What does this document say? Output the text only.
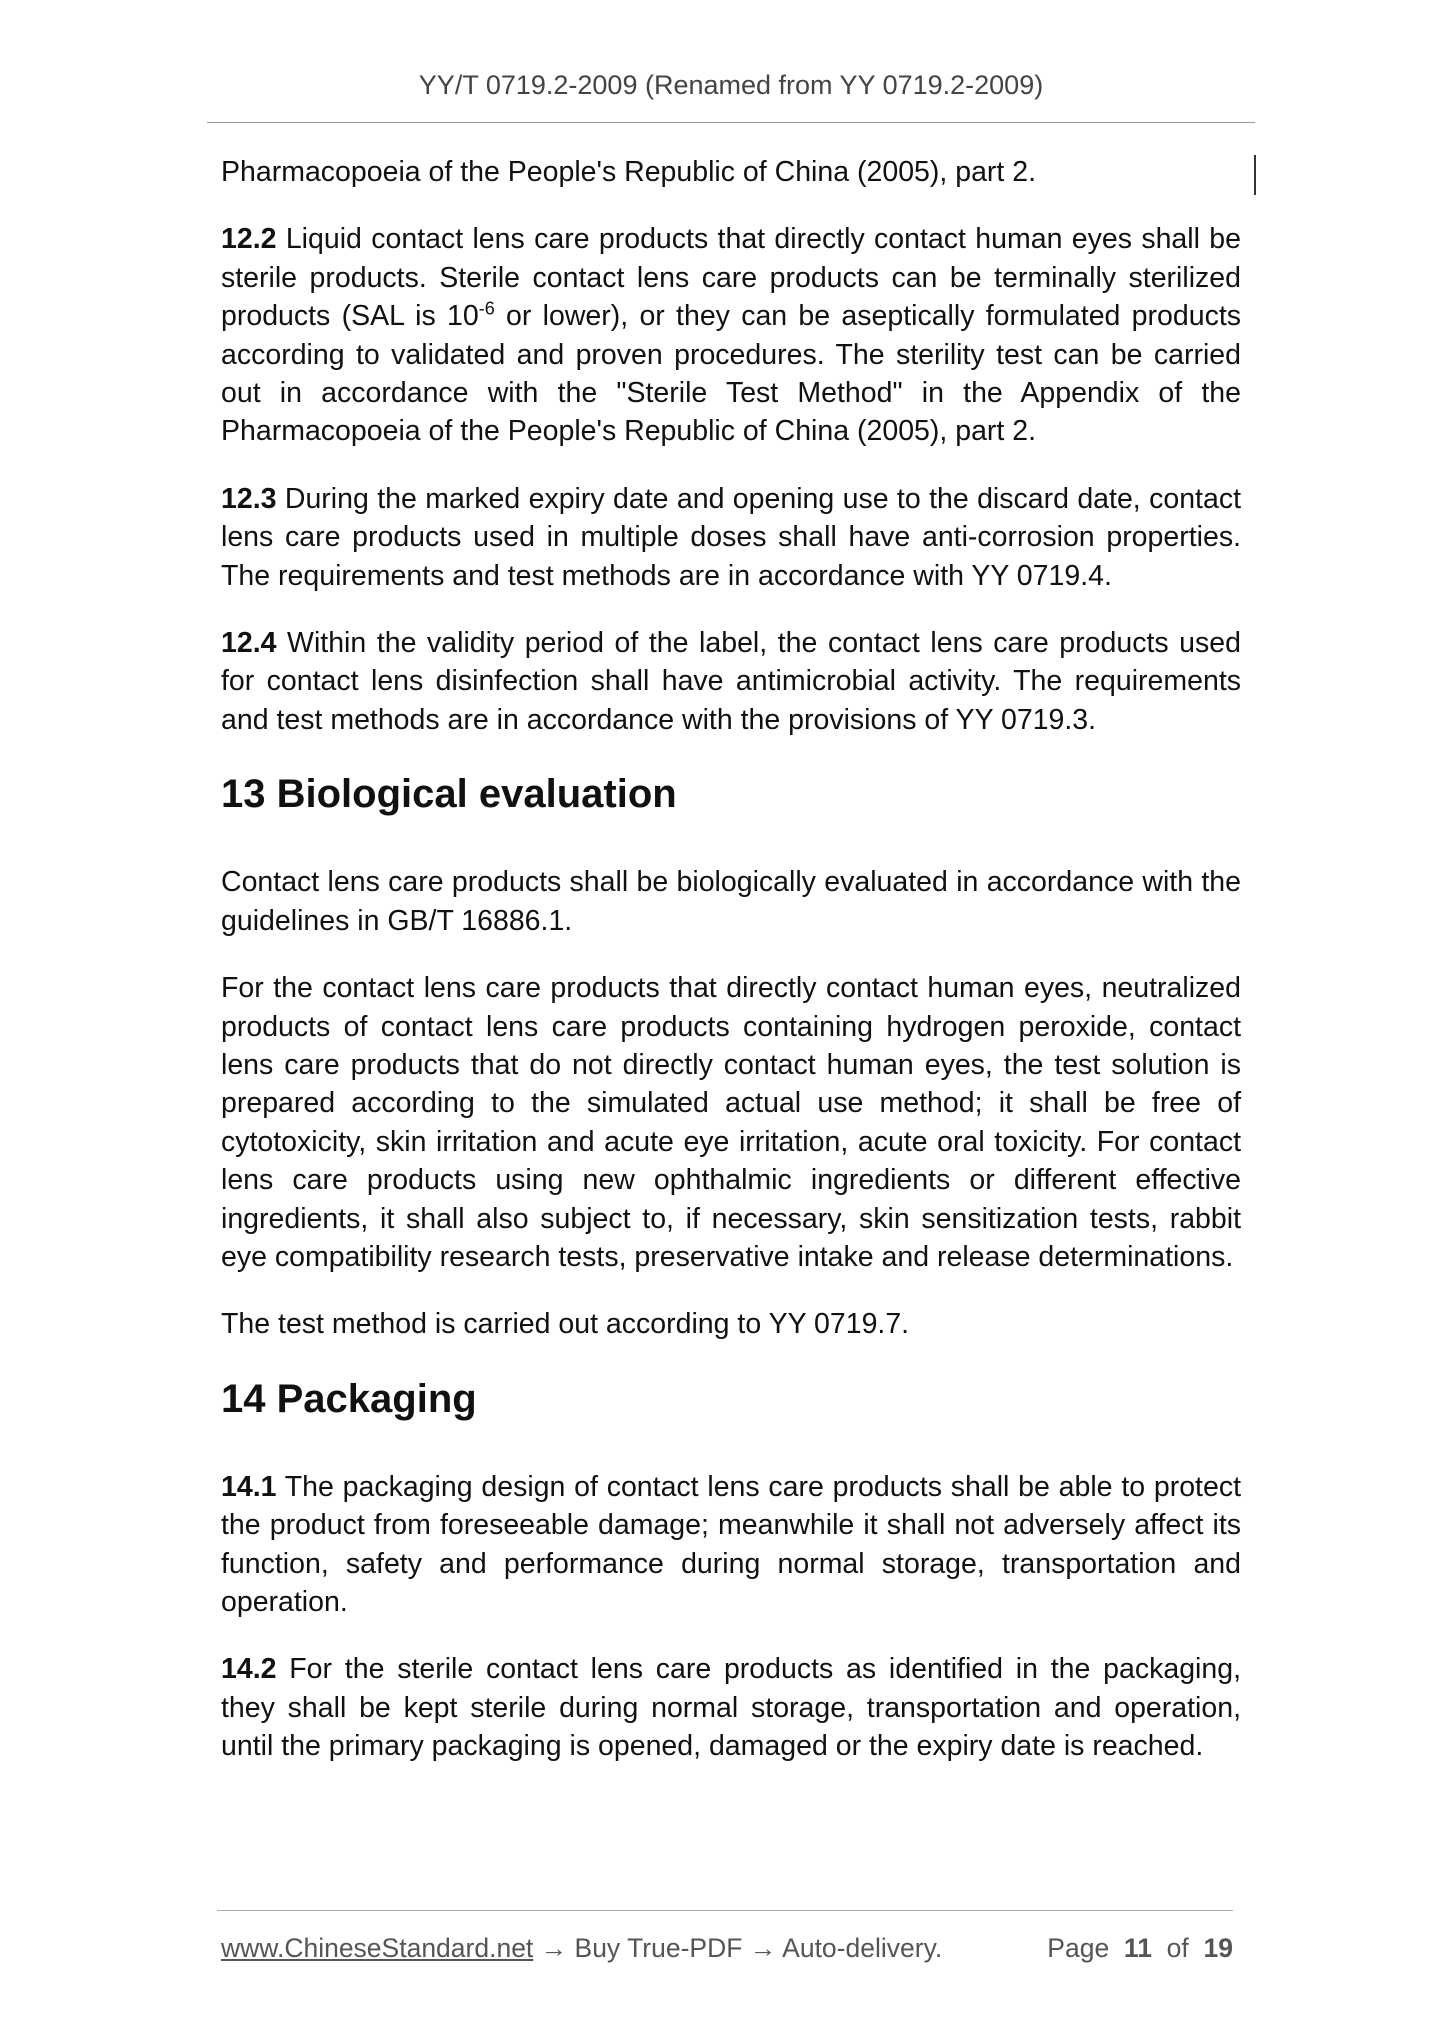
YY/T 0719.2-2009 (Renamed from YY 0719.2-2009)

Pharmacopoeia of the People's Republic of China (2005), part 2.

12.2 Liquid contact lens care products that directly contact human eyes shall be sterile products. Sterile contact lens care products can be terminally sterilized products (SAL is $10^{-6}$ or lower), or they can be aseptically formulated products according to validated and proven procedures. The sterility test can be carried out in accordance with the "Sterile Test Method" in the Appendix of the Pharmacopoeia of the People's Republic of China (2005), part 2.

12.3 During the marked expiry date and opening use to the discard date, contact lens care products used in multiple doses shall have anti-corrosion properties. The requirements and test methods are in accordance with YY 0719.4.

12.4 Within the validity period of the label, the contact lens care products used for contact lens disinfection shall have antimicrobial activity. The requirements and test methods are in accordance with the provisions of YY 0719.3.

13 Biological evaluation

Contact lens care products shall be biologically evaluated in accordance with the guidelines in GB/T 16886.1.

For the contact lens care products that directly contact human eyes, neutralized products of contact lens care products containing hydrogen peroxide, contact lens care products that do not directly contact human eyes, the test solution is prepared according to the simulated actual use method; it shall be free of cytotoxicity, skin irritation and acute eye irritation, acute oral toxicity. For contact lens care products using new ophthalmic ingredients or different effective ingredients, it shall also subject to, if necessary, skin sensitization tests, rabbit eye compatibility research tests, preservative intake and release determinations.

The test method is carried out according to YY 0719.7.

14 Packaging

14.1 The packaging design of contact lens care products shall be able to protect the product from foreseeable damage; meanwhile it shall not adversely affect its function, safety and performance during normal storage, transportation and operation.

14.2 For the sterile contact lens care products as identified in the packaging, they shall be kept sterile during normal storage, transportation and operation, until the primary packaging is opened, damaged or the expiry date is reached.

www.ChineseStandard.net → Buy True-PDF → Auto-delivery.	Page 11 of 19
